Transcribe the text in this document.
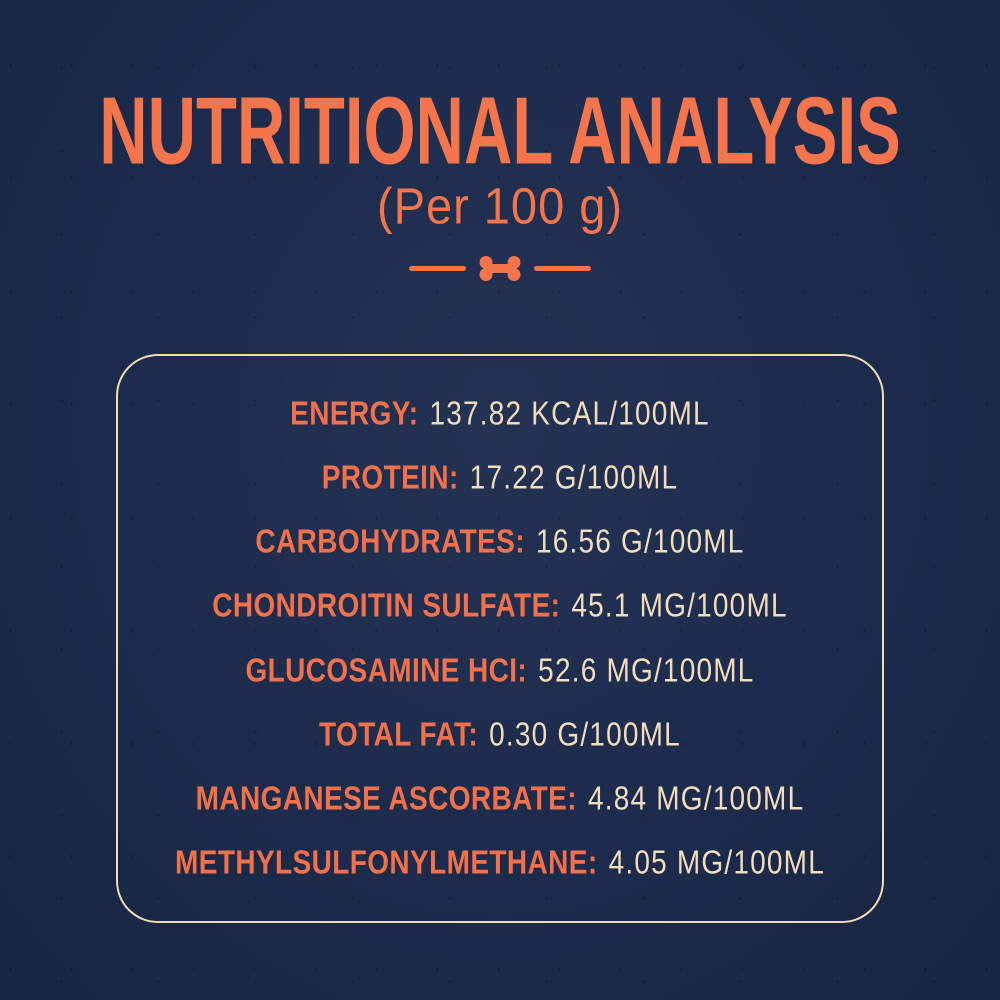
NUTRITIONAL ANALYSIS
(Per 100 g)
ENERGY: 137.82 KCAL/100ML
PROTEIN: 17.22 G/100ML
CARBOHYDRATES: 16.56 G/100ML
CHONDROITIN SULFATE: 45.1 MG/100ML
GLUCOSAMINE HCI: 52.6 MG/100ML
TOTAL FAT: 0.30 G/100ML
MANGANESE ASCORBATE: 4.84 MG/100ML
METHYLSULFONYLMETHANE: 4.05 MG/100ML
